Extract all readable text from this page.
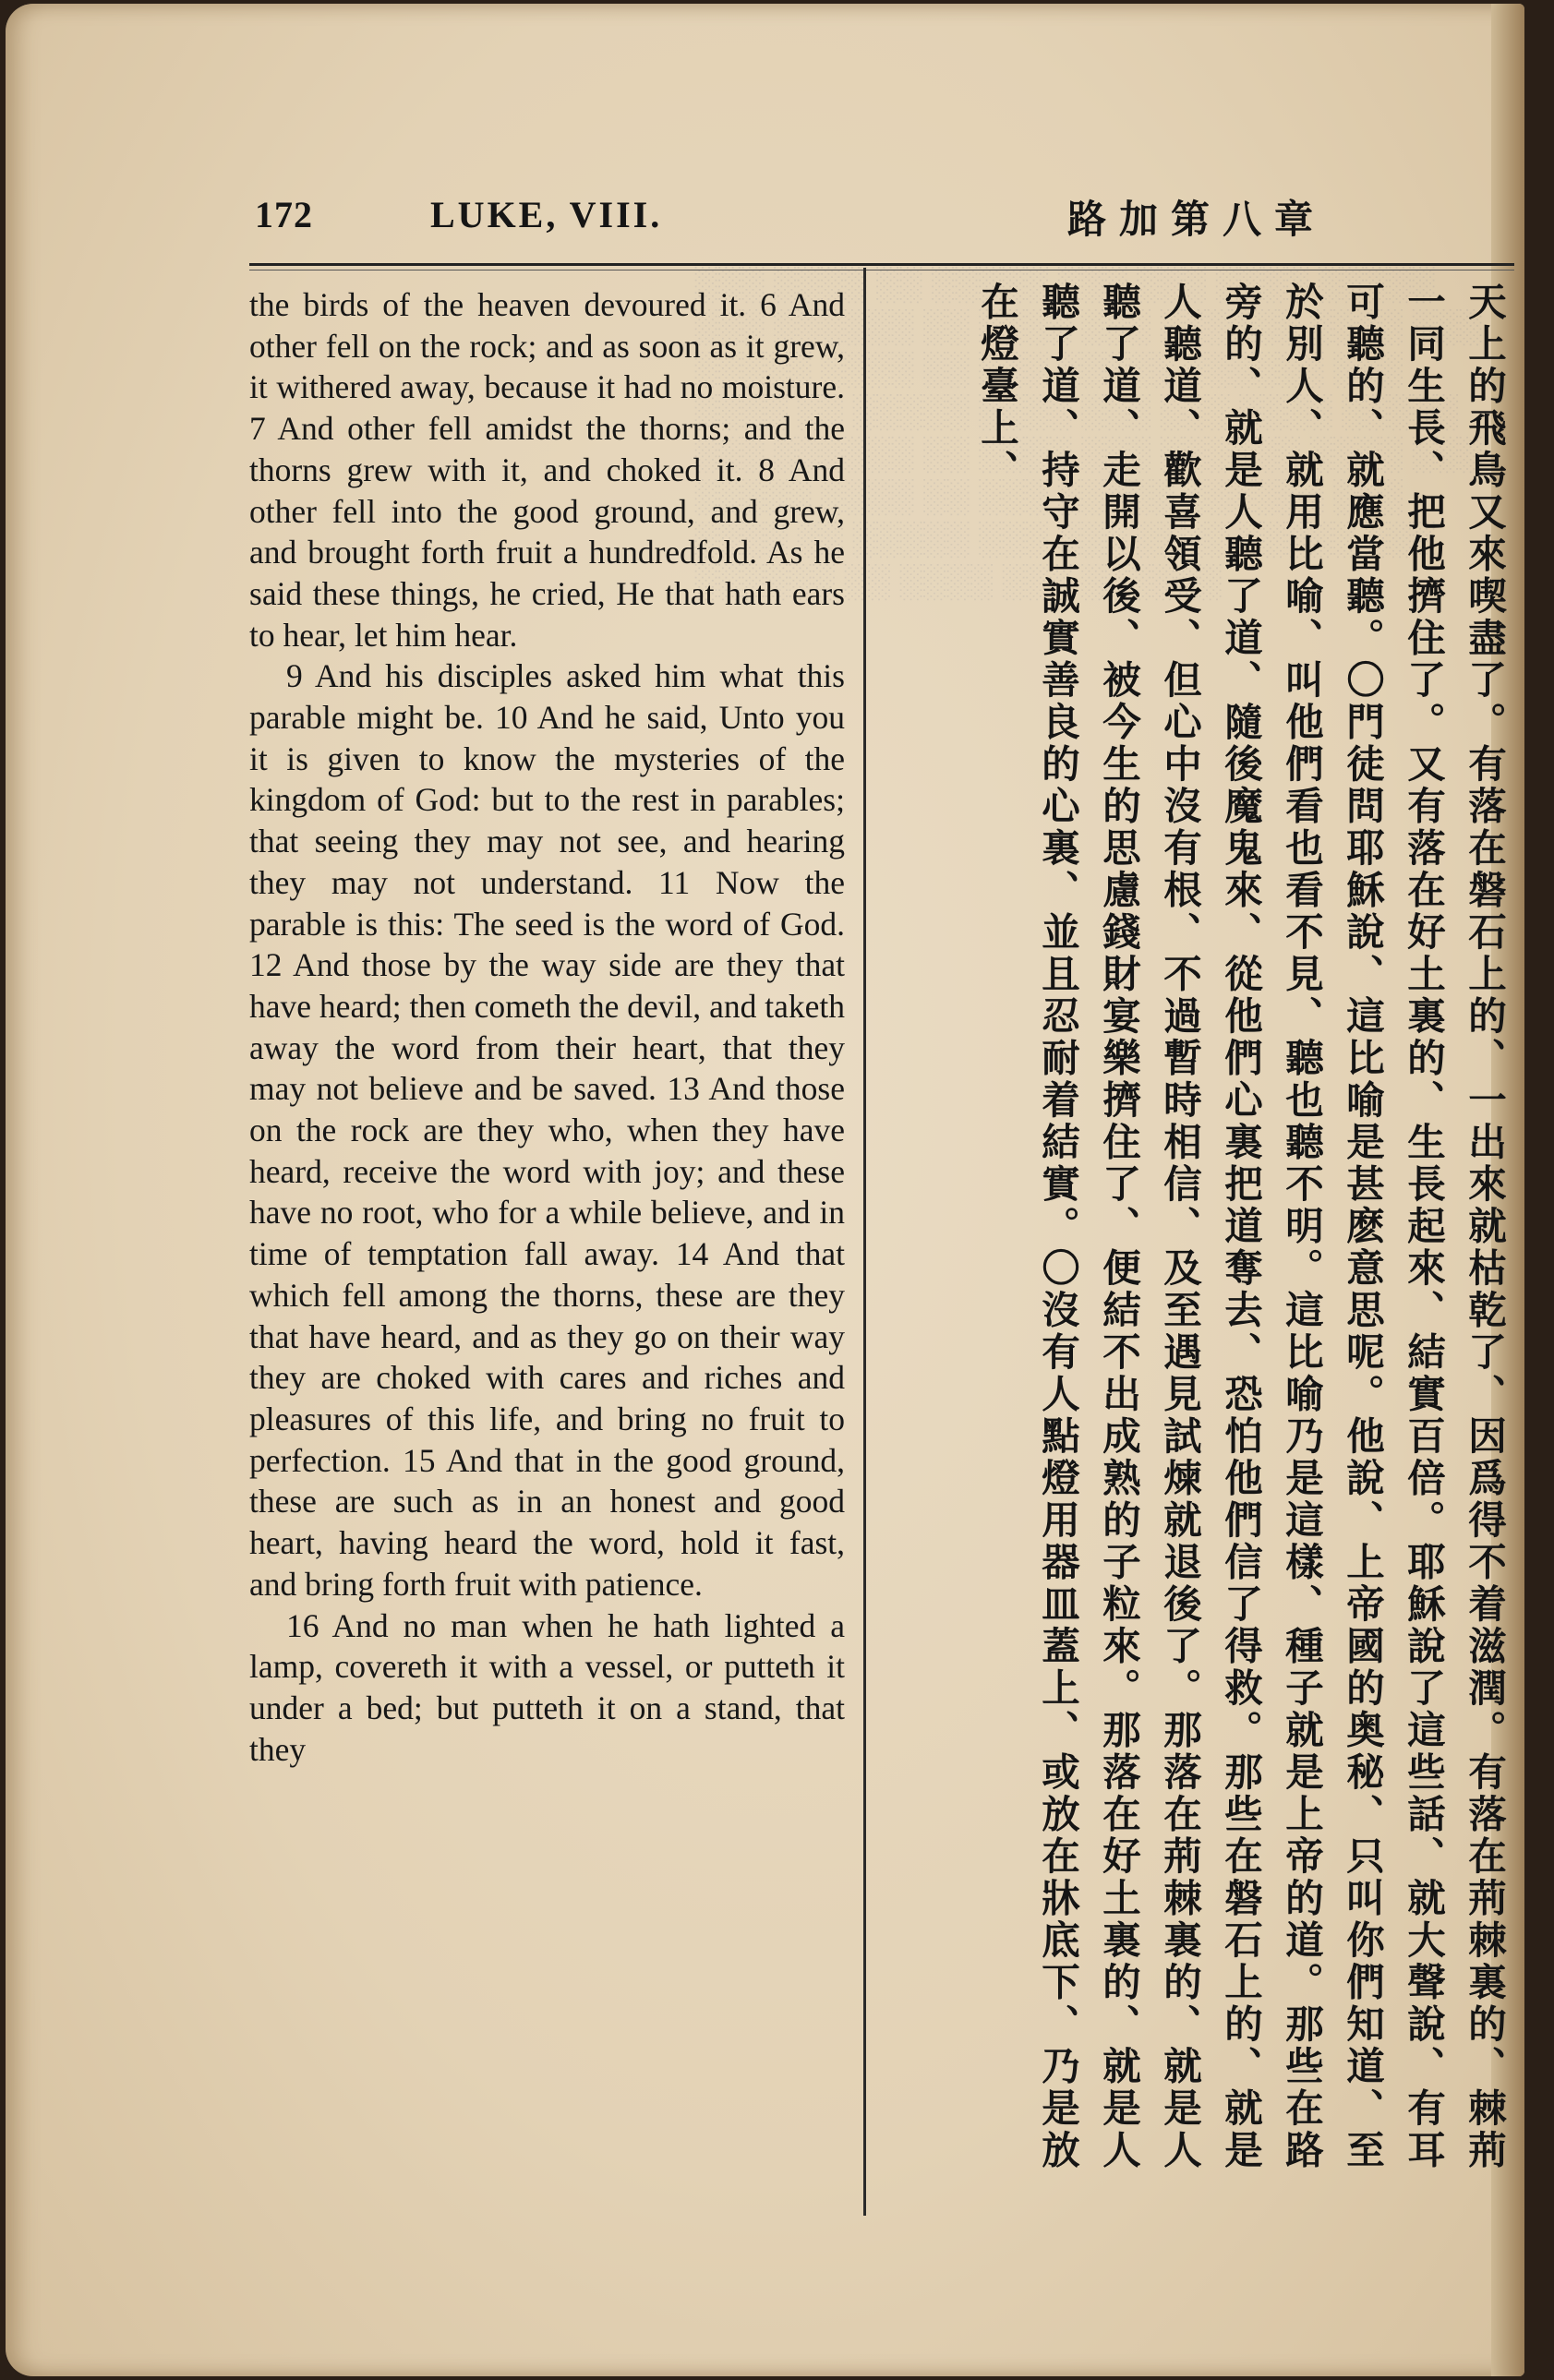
░░░ ░░░░ ░░ ░░░░░ ░░░ ░░░ ░░░░ ░░░░░ ░░░ ░░░░░░ ░░ ░░░░ ░░░ ░░░░░░ ░░░░ ░░░ ░░░░░ ░░░░ ░░ ░░░ ░░░░░ ░░░░░░ ░░░ ░░░░ ░░ ░░░░░ ░░░░ ░░░ ░░░ ░░░░ ░░░░░ ░░░ ░░░░░░ ░░ ░░░░ ░░░ ░░░░░░ ░░░░ ░░░ ░░░░░ ░░░░ ░░ ░░░ ░░░░░ ░░░░░░ ░░░ ░░░░ ░░ ░░░░░ ░░░ ░░░ ░░░░ ░░░░░ ░░░ ░░░░░░ ░░ ░░░░ ░░░ ░░░░░░
172	LUKE, VIII.	路加第八章

the birds of the heaven devoured it. 6 And other fell on the rock; and as soon as it grew, it withered away, because it had no moisture. 7 And other fell amidst the thorns; and the thorns grew with it, and choked it. 8 And other fell into the good ground, and grew, and brought forth fruit a hundredfold. As he said these things, he cried, He that hath ears to hear, let him hear.

9 And his disciples asked him what this parable might be. 10 And he said, Unto you it is given to know the mysteries of the kingdom of God: but to the rest in parables; that seeing they may not see, and hearing they may not understand. 11 Now the parable is this: The seed is the word of God. 12 And those by the way side are they that have heard; then cometh the devil, and taketh away the word from their heart, that they may not believe and be saved. 13 And those on the rock are they who, when they have heard, receive the word with joy; and these have no root, who for a while believe, and in time of temptation fall away. 14 And that which fell among the thorns, these are they that have heard, and as they go on their way they are choked with cares and riches and pleasures of this life, and bring no fruit to perfection. 15 And that in the good ground, these are such as in an honest and good heart, having heard the word, hold it fast, and bring forth fruit with patience.

16 And no man when he hath lighted a lamp, covereth it with a vessel, or putteth it under a bed; but putteth it on a stand, that they	天上的飛鳥又來喫盡了。有落在磐石上的、一出來就枯乾了、因爲得不着滋潤。有落在荊棘裏的、棘荊一同生長、把他擠住了。又有落在好土裏的、生長起來、結實百倍。耶穌說了這些話、就大聲說、有耳可聽的、就應當聽。〇門徒問耶穌說、這比喻是甚麽意思呢。他說、上帝國的奥秘、只叫你們知道、至於別人、就用比喻、叫他們看也看不見、聽也聽不明。這比喻乃是這樣、種子就是上帝的道。那些在路旁的、就是人聽了道、隨後魔鬼來、從他們心裏把道奪去、恐怕他們信了得救。那些在磐石上的、就是人聽道、歡喜領受、但心中沒有根、不過暫時相信、及至遇見試煉就退後了。那落在荊棘裏的、就是人聽了道、走開以後、被今生的思慮錢財宴樂擠住了、便結不出成熟的子粒來。那落在好土裏的、就是人聽了道、持守在誠實善良的心裏、並且忍耐着結實。〇沒有人點燈用器皿蓋上、或放在牀底下、乃是放在燈臺上、
